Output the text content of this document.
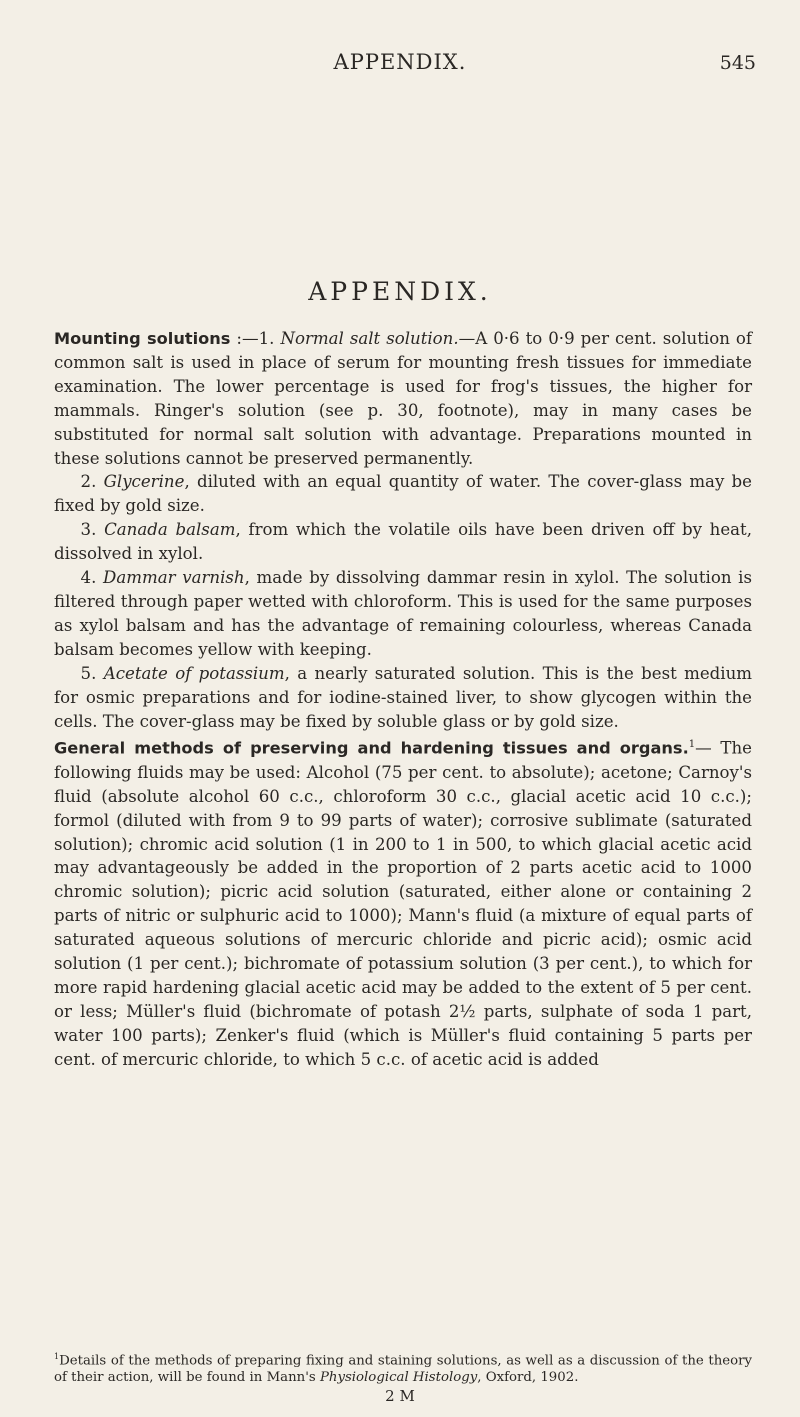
APPENDIX.	545
APPENDIX.

Mounting solutions :—1. Normal salt solution.—A 0·6 to 0·9 per cent. solution of common salt is used in place of serum for mounting fresh tissues for immediate examination. The lower percentage is used for frog's tissues, the higher for mammals. Ringer's solution (see p. 30, footnote), may in many cases be substituted for normal salt solution with advantage. Preparations mounted in these solutions cannot be preserved permanently.

2. Glycerine, diluted with an equal quantity of water. The cover-glass may be fixed by gold size.

3. Canada balsam, from which the volatile oils have been driven off by heat, dissolved in xylol.

4. Dammar varnish, made by dissolving dammar resin in xylol. The solution is filtered through paper wetted with chloroform. This is used for the same purposes as xylol balsam and has the advantage of remaining colourless, whereas Canada balsam becomes yellow with keeping.

5. Acetate of potassium, a nearly saturated solution. This is the best medium for osmic preparations and for iodine-stained liver, to show glycogen within the cells. The cover-glass may be fixed by soluble glass or by gold size.

General methods of preserving and hardening tissues and organs.$^1$— The following fluids may be used: Alcohol (75 per cent. to absolute); acetone; Carnoy's fluid (absolute alcohol 60 c.c., chloroform 30 c.c., glacial acetic acid 10 c.c.); formol (diluted with from 9 to 99 parts of water); corrosive sublimate (saturated solution); chromic acid solution (1 in 200 to 1 in 500, to which glacial acetic acid may advantageously be added in the proportion of 2 parts acetic acid to 1000 chromic solution); picric acid solution (saturated, either alone or containing 2 parts of nitric or sulphuric acid to 1000); Mann's fluid (a mixture of equal parts of saturated aqueous solutions of mercuric chloride and picric acid); osmic acid solution (1 per cent.); bichromate of potassium solution (3 per cent.), to which for more rapid hardening glacial acetic acid may be added to the extent of 5 per cent. or less; Müller's fluid (bichromate of potash 2½ parts, sulphate of soda 1 part, water 100 parts); Zenker's fluid (which is Müller's fluid containing 5 parts per cent. of mercuric chloride, to which 5 c.c. of acetic acid is added

$^1$Details of the methods of preparing fixing and staining solutions, as well as a discussion of the theory of their action, will be found in Mann's Physiological Histology, Oxford, 1902.
2 M
